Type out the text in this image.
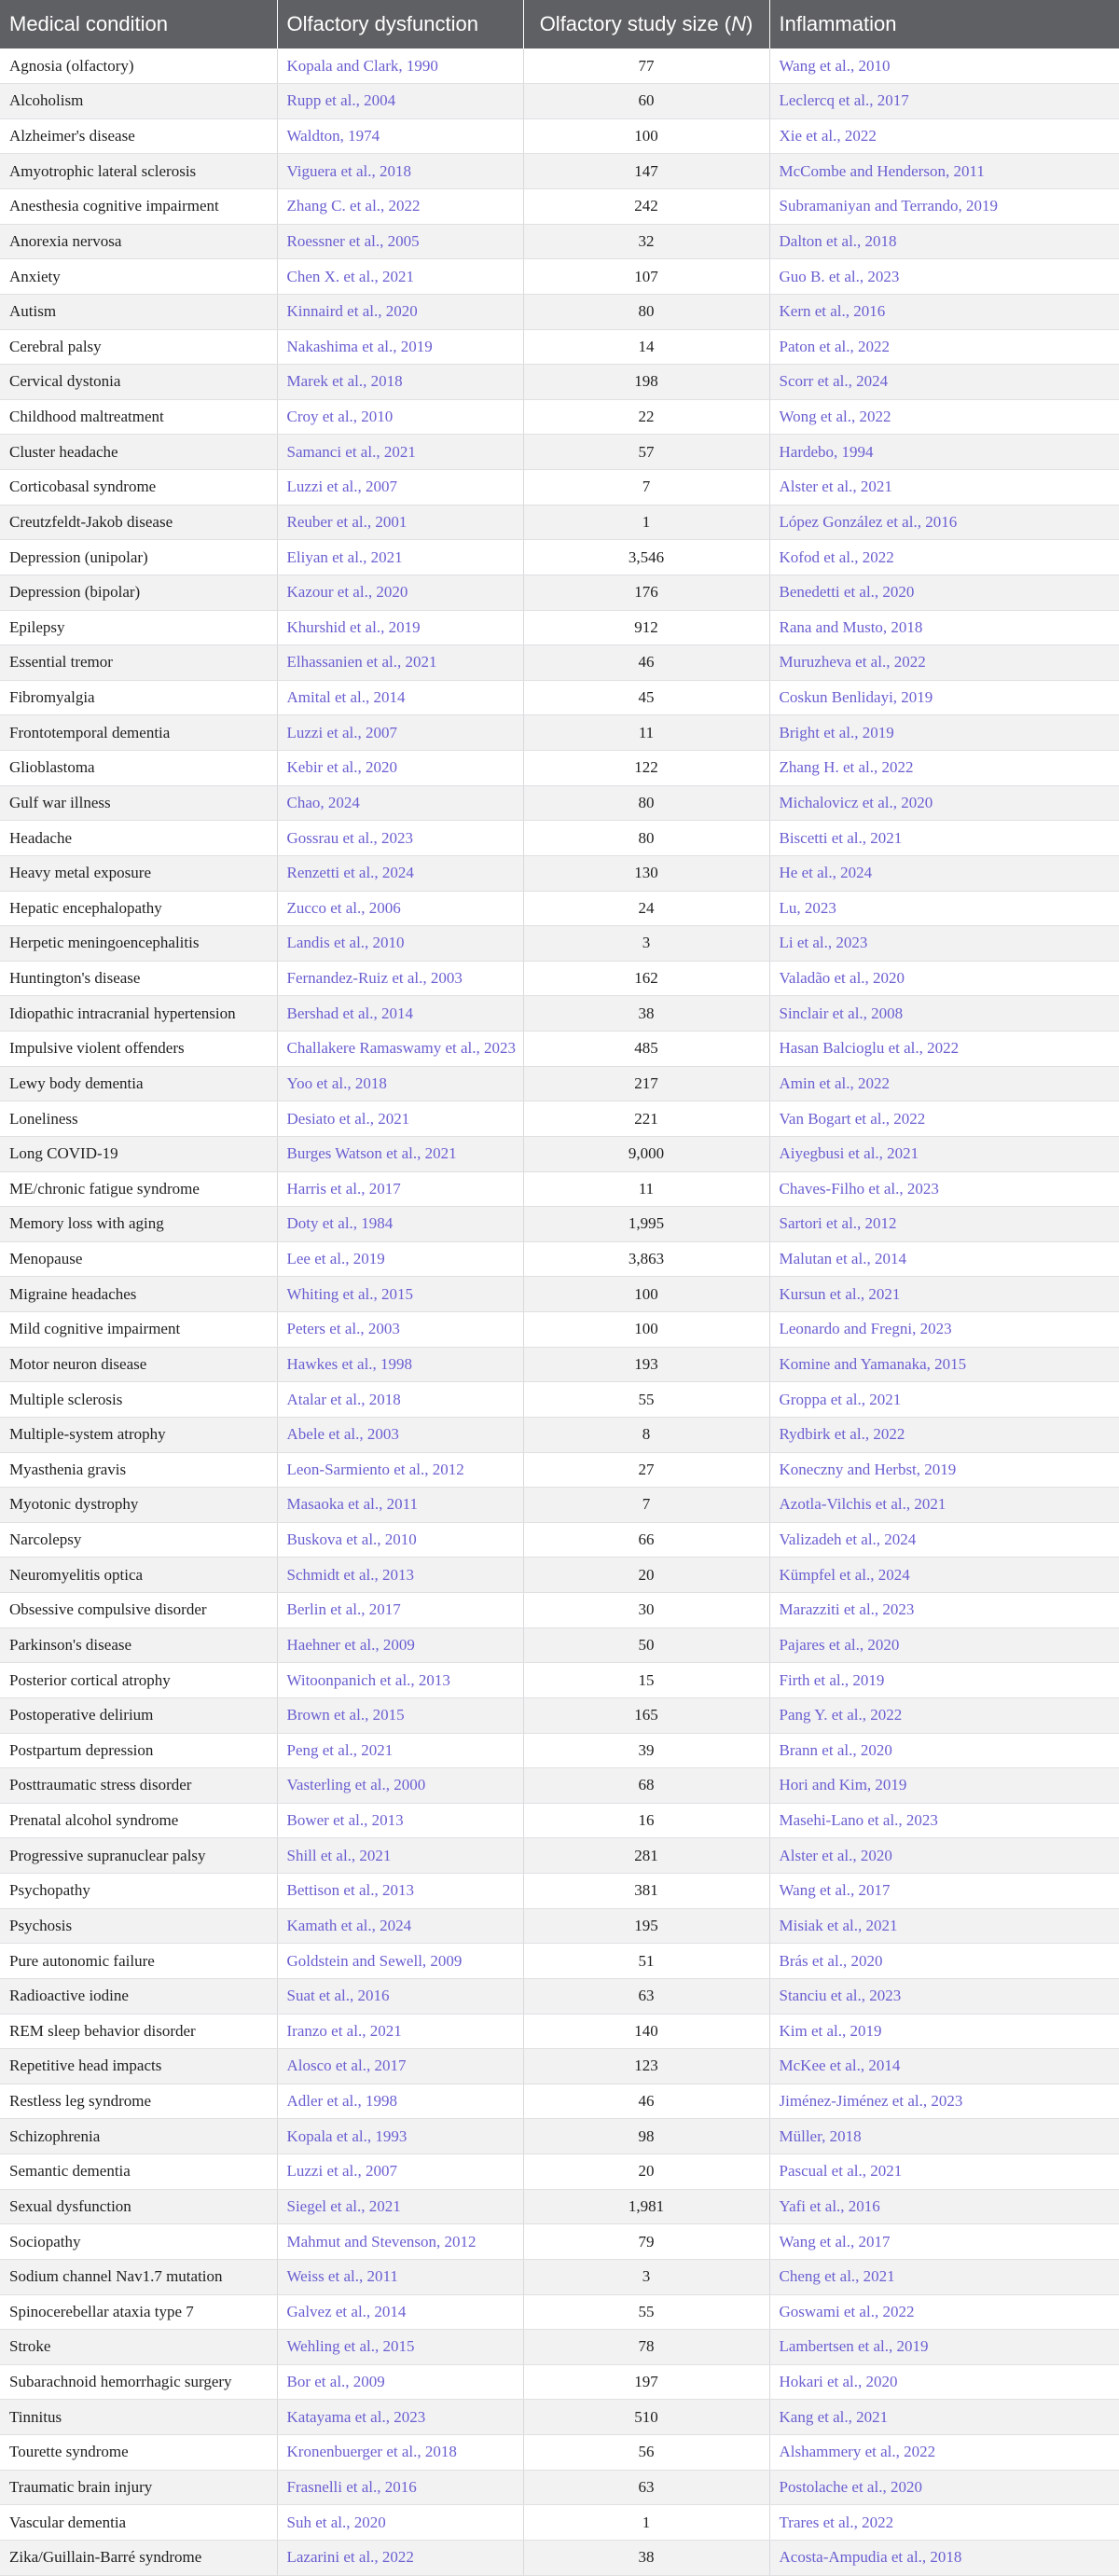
Medical condition	Olfactory dysfunction	Olfactory study size (N)	Inflammation
Agnosia (olfactory)	Kopala and Clark, 1990	77	Wang et al., 2010
Alcoholism	Rupp et al., 2004	60	Leclercq et al., 2017
Alzheimer's disease	Waldton, 1974	100	Xie et al., 2022
Amyotrophic lateral sclerosis	Viguera et al., 2018	147	McCombe and Henderson, 2011
Anesthesia cognitive impairment	Zhang C. et al., 2022	242	Subramaniyan and Terrando, 2019
Anorexia nervosa	Roessner et al., 2005	32	Dalton et al., 2018
Anxiety	Chen X. et al., 2021	107	Guo B. et al., 2023
Autism	Kinnaird et al., 2020	80	Kern et al., 2016
Cerebral palsy	Nakashima et al., 2019	14	Paton et al., 2022
Cervical dystonia	Marek et al., 2018	198	Scorr et al., 2024
Childhood maltreatment	Croy et al., 2010	22	Wong et al., 2022
Cluster headache	Samanci et al., 2021	57	Hardebo, 1994
Corticobasal syndrome	Luzzi et al., 2007	7	Alster et al., 2021
Creutzfeldt-Jakob disease	Reuber et al., 2001	1	López González et al., 2016
Depression (unipolar)	Eliyan et al., 2021	3,546	Kofod et al., 2022
Depression (bipolar)	Kazour et al., 2020	176	Benedetti et al., 2020
Epilepsy	Khurshid et al., 2019	912	Rana and Musto, 2018
Essential tremor	Elhassanien et al., 2021	46	Muruzheva et al., 2022
Fibromyalgia	Amital et al., 2014	45	Coskun Benlidayi, 2019
Frontotemporal dementia	Luzzi et al., 2007	11	Bright et al., 2019
Glioblastoma	Kebir et al., 2020	122	Zhang H. et al., 2022
Gulf war illness	Chao, 2024	80	Michalovicz et al., 2020
Headache	Gossrau et al., 2023	80	Biscetti et al., 2021
Heavy metal exposure	Renzetti et al., 2024	130	He et al., 2024
Hepatic encephalopathy	Zucco et al., 2006	24	Lu, 2023
Herpetic meningoencephalitis	Landis et al., 2010	3	Li et al., 2023
Huntington's disease	Fernandez-Ruiz et al., 2003	162	Valadão et al., 2020
Idiopathic intracranial hypertension	Bershad et al., 2014	38	Sinclair et al., 2008
Impulsive violent offenders	Challakere Ramaswamy et al., 2023	485	Hasan Balcioglu et al., 2022
Lewy body dementia	Yoo et al., 2018	217	Amin et al., 2022
Loneliness	Desiato et al., 2021	221	Van Bogart et al., 2022
Long COVID-19	Burges Watson et al., 2021	9,000	Aiyegbusi et al., 2021
ME/chronic fatigue syndrome	Harris et al., 2017	11	Chaves-Filho et al., 2023
Memory loss with aging	Doty et al., 1984	1,995	Sartori et al., 2012
Menopause	Lee et al., 2019	3,863	Malutan et al., 2014
Migraine headaches	Whiting et al., 2015	100	Kursun et al., 2021
Mild cognitive impairment	Peters et al., 2003	100	Leonardo and Fregni, 2023
Motor neuron disease	Hawkes et al., 1998	193	Komine and Yamanaka, 2015
Multiple sclerosis	Atalar et al., 2018	55	Groppa et al., 2021
Multiple-system atrophy	Abele et al., 2003	8	Rydbirk et al., 2022
Myasthenia gravis	Leon-Sarmiento et al., 2012	27	Koneczny and Herbst, 2019
Myotonic dystrophy	Masaoka et al., 2011	7	Azotla-Vilchis et al., 2021
Narcolepsy	Buskova et al., 2010	66	Valizadeh et al., 2024
Neuromyelitis optica	Schmidt et al., 2013	20	Kümpfel et al., 2024
Obsessive compulsive disorder	Berlin et al., 2017	30	Marazziti et al., 2023
Parkinson's disease	Haehner et al., 2009	50	Pajares et al., 2020
Posterior cortical atrophy	Witoonpanich et al., 2013	15	Firth et al., 2019
Postoperative delirium	Brown et al., 2015	165	Pang Y. et al., 2022
Postpartum depression	Peng et al., 2021	39	Brann et al., 2020
Posttraumatic stress disorder	Vasterling et al., 2000	68	Hori and Kim, 2019
Prenatal alcohol syndrome	Bower et al., 2013	16	Masehi-Lano et al., 2023
Progressive supranuclear palsy	Shill et al., 2021	281	Alster et al., 2020
Psychopathy	Bettison et al., 2013	381	Wang et al., 2017
Psychosis	Kamath et al., 2024	195	Misiak et al., 2021
Pure autonomic failure	Goldstein and Sewell, 2009	51	Brás et al., 2020
Radioactive iodine	Suat et al., 2016	63	Stanciu et al., 2023
REM sleep behavior disorder	Iranzo et al., 2021	140	Kim et al., 2019
Repetitive head impacts	Alosco et al., 2017	123	McKee et al., 2014
Restless leg syndrome	Adler et al., 1998	46	Jiménez-Jiménez et al., 2023
Schizophrenia	Kopala et al., 1993	98	Müller, 2018
Semantic dementia	Luzzi et al., 2007	20	Pascual et al., 2021
Sexual dysfunction	Siegel et al., 2021	1,981	Yafi et al., 2016
Sociopathy	Mahmut and Stevenson, 2012	79	Wang et al., 2017
Sodium channel Nav1.7 mutation	Weiss et al., 2011	3	Cheng et al., 2021
Spinocerebellar ataxia type 7	Galvez et al., 2014	55	Goswami et al., 2022
Stroke	Wehling et al., 2015	78	Lambertsen et al., 2019
Subarachnoid hemorrhagic surgery	Bor et al., 2009	197	Hokari et al., 2020
Tinnitus	Katayama et al., 2023	510	Kang et al., 2021
Tourette syndrome	Kronenbuerger et al., 2018	56	Alshammery et al., 2022
Traumatic brain injury	Frasnelli et al., 2016	63	Postolache et al., 2020
Vascular dementia	Suh et al., 2020	1	Trares et al., 2022
Zika/Guillain-Barré syndrome	Lazarini et al., 2022	38	Acosta-Ampudia et al., 2018
